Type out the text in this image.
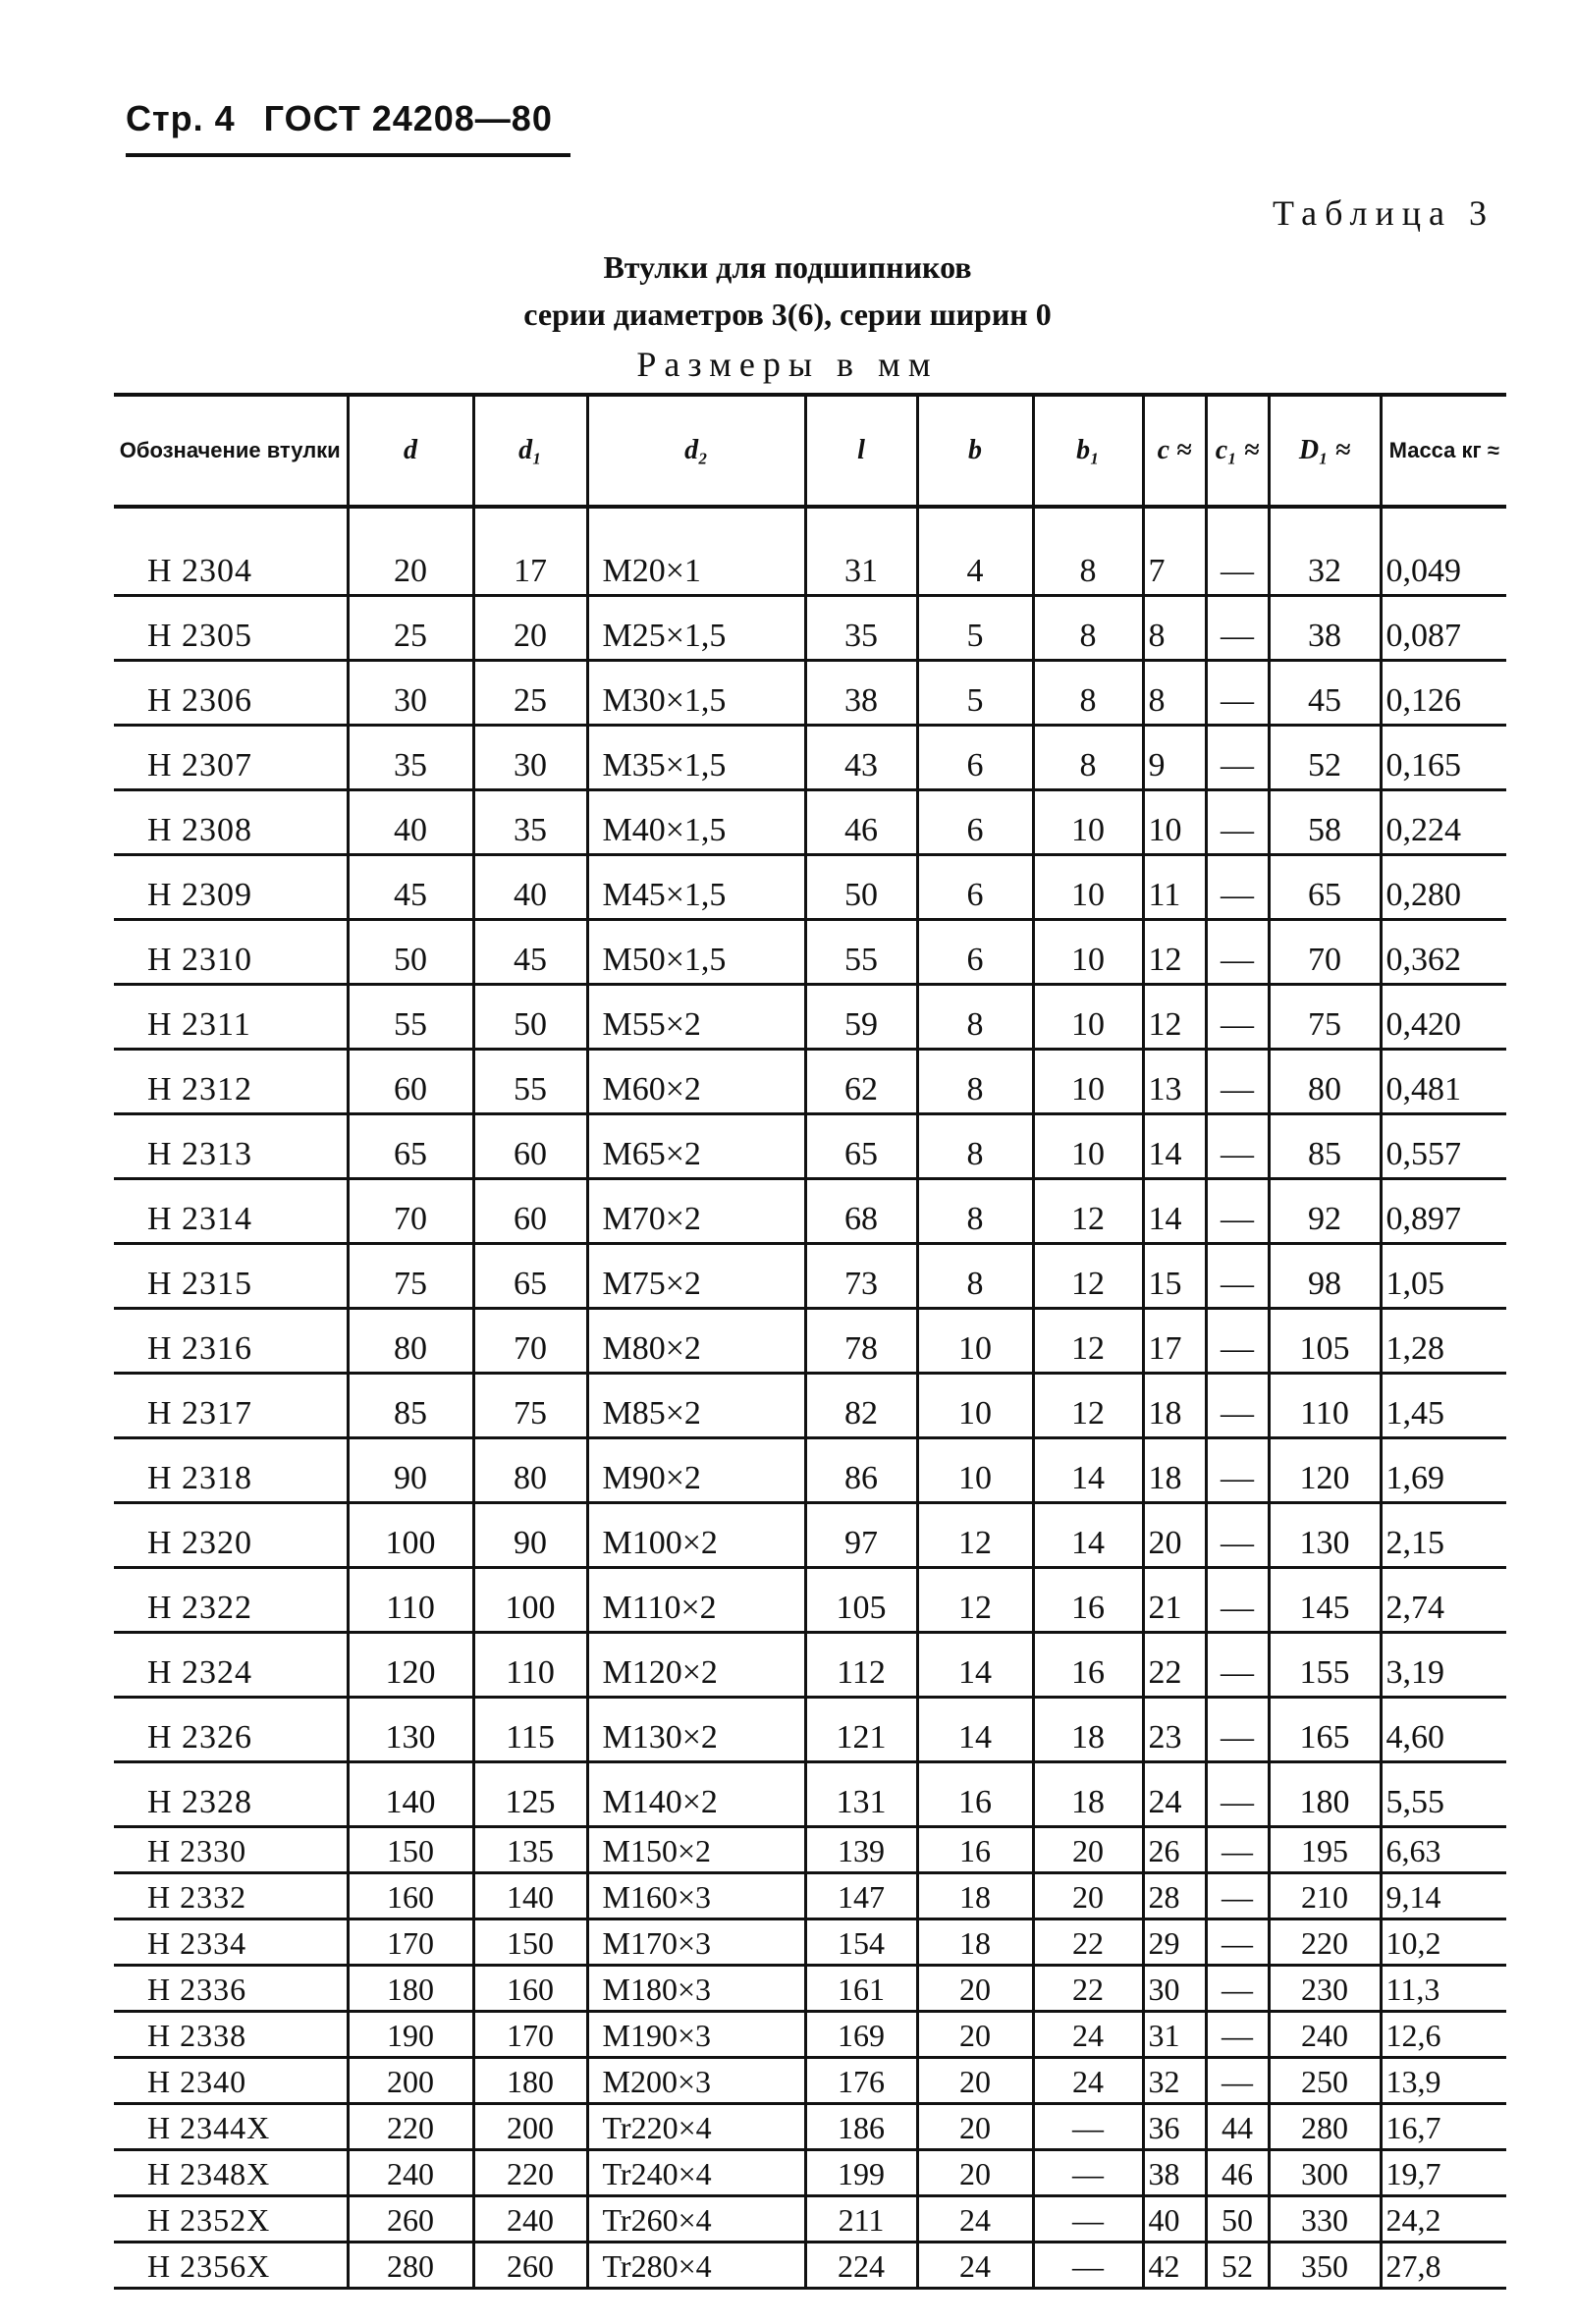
Стр. 4 ГОСТ 24208—80
Таблица 3
Втулки для подшипников
серии диаметров 3(6), серии ширин 0
Размеры в мм
Обозначение втулки	d	d₁	d₂	l	b	b₁	c ≈	c₁ ≈	D₁ ≈	Масса кг ≈

Н 2304	20	17	M20×1	31	4	8	7	—	32	0,049
Н 2305	25	20	M25×1,5	35	5	8	8	—	38	0,087
Н 2306	30	25	M30×1,5	38	5	8	8	—	45	0,126
Н 2307	35	30	M35×1,5	43	6	8	9	—	52	0,165
Н 2308	40	35	M40×1,5	46	6	10	10	—	58	0,224
Н 2309	45	40	M45×1,5	50	6	10	11	—	65	0,280
Н 2310	50	45	M50×1,5	55	6	10	12	—	70	0,362
Н 2311	55	50	M55×2	59	8	10	12	—	75	0,420
Н 2312	60	55	M60×2	62	8	10	13	—	80	0,481
Н 2313	65	60	M65×2	65	8	10	14	—	85	0,557
Н 2314	70	60	M70×2	68	8	12	14	—	92	0,897
Н 2315	75	65	M75×2	73	8	12	15	—	98	1,05
Н 2316	80	70	M80×2	78	10	12	17	—	105	1,28
Н 2317	85	75	M85×2	82	10	12	18	—	110	1,45
Н 2318	90	80	M90×2	86	10	14	18	—	120	1,69
Н 2320	100	90	M100×2	97	12	14	20	—	130	2,15
Н 2322	110	100	M110×2	105	12	16	21	—	145	2,74
Н 2324	120	110	M120×2	112	14	16	22	—	155	3,19
Н 2326	130	115	M130×2	121	14	18	23	—	165	4,60
Н 2328	140	125	M140×2	131	16	18	24	—	180	5,55
Н 2330	150	135	M150×2	139	16	20	26	—	195	6,63
Н 2332	160	140	M160×3	147	18	20	28	—	210	9,14
Н 2334	170	150	M170×3	154	18	22	29	—	220	10,2
Н 2336	180	160	M180×3	161	20	22	30	—	230	11,3
Н 2338	190	170	M190×3	169	20	24	31	—	240	12,6
Н 2340	200	180	M200×3	176	20	24	32	—	250	13,9
Н 2344Х	220	200	Tr220×4	186	20	—	36	44	280	16,7
Н 2348Х	240	220	Tr240×4	199	20	—	38	46	300	19,7
Н 2352Х	260	240	Tr260×4	211	24	—	40	50	330	24,2
Н 2356Х	280	260	Tr280×4	224	24	—	42	52	350	27,8
